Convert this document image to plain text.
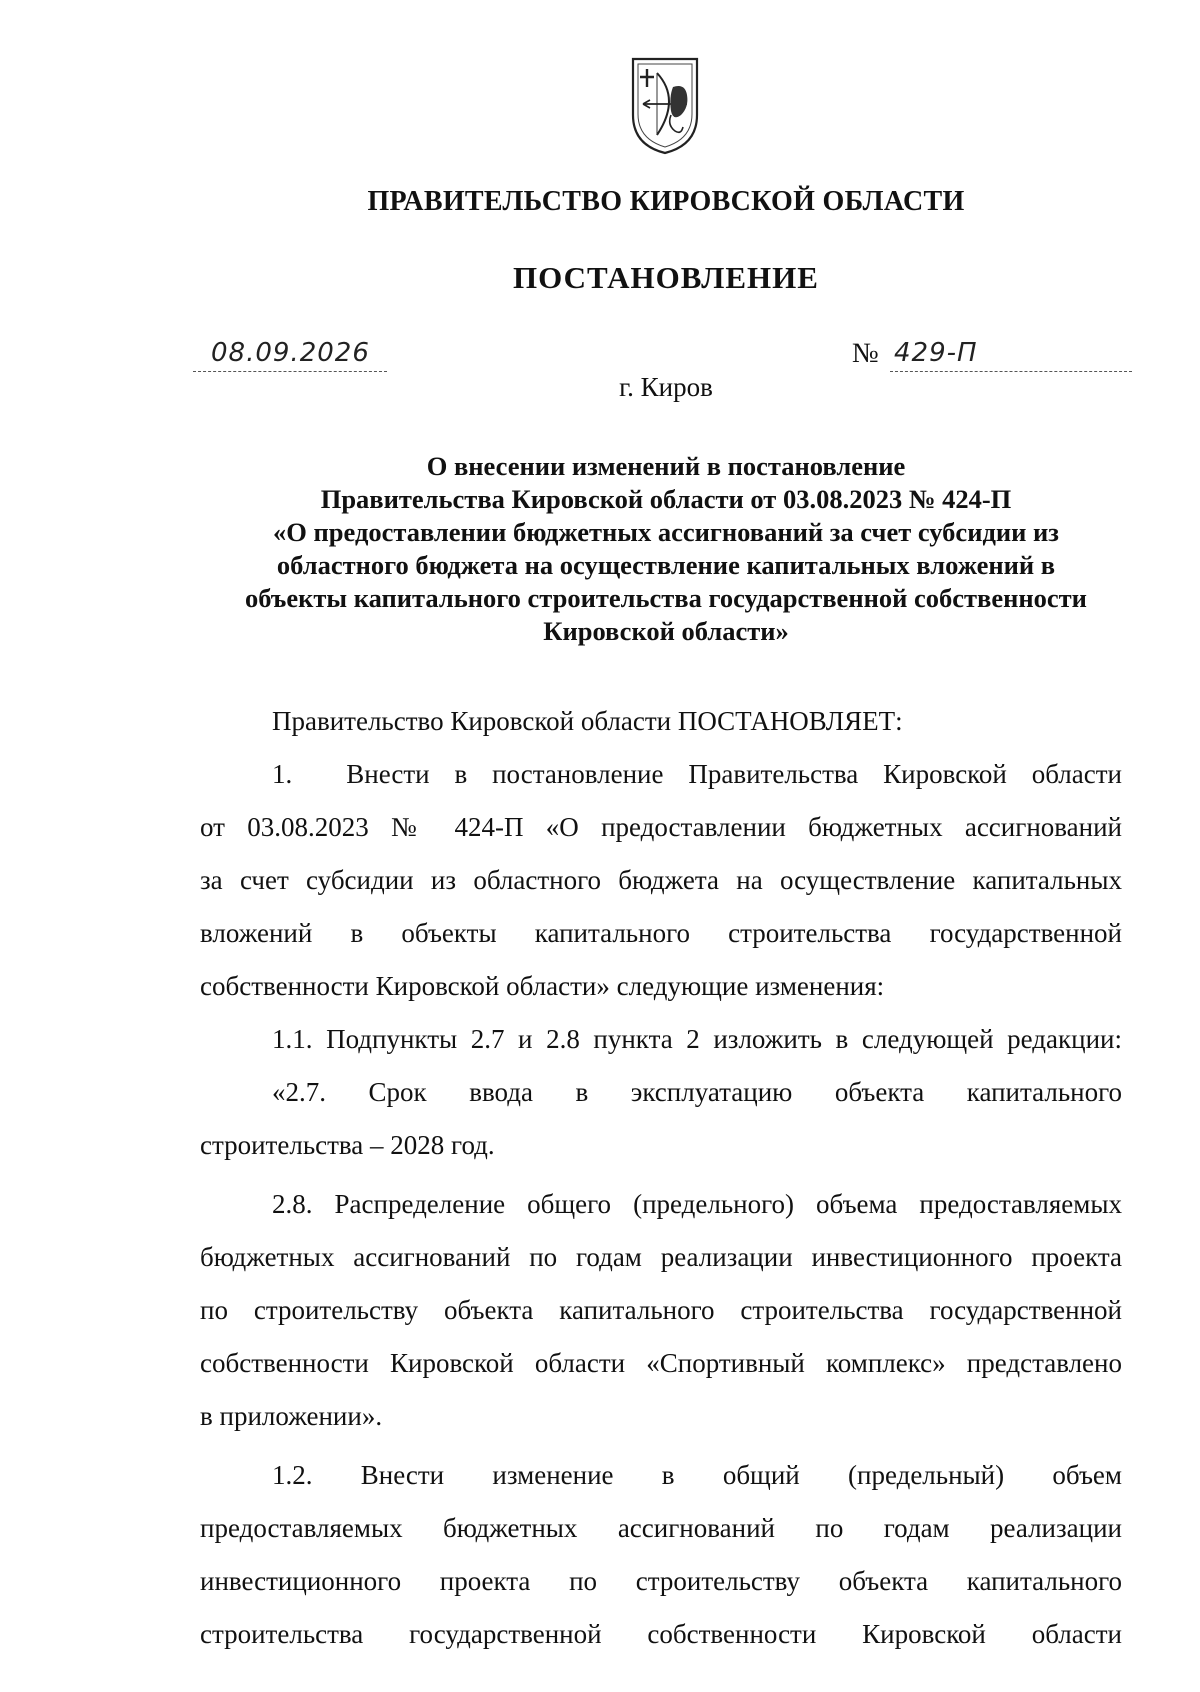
ПРАВИТЕЛЬСТВО КИРОВСКОЙ ОБЛАСТИ
ПОСТАНОВЛЕНИЕ
08.09.2026	№ 429-П
г. Киров
О внесении изменений в постановление
Правительства Кировской области от 03.08.2023 № 424-П
«О предоставлении бюджетных ассигнований за счет субсидии из
областного бюджета на осуществление капитальных вложений в
объекты капитального строительства государственной собственности
Кировской области»
Правительство Кировской области ПОСТАНОВЛЯЕТ:
1.  Внести в постановление Правительства Кировской области
от 03.08.2023 № 424-П «О предоставлении бюджетных ассигнований
за счет субсидии из областного бюджета на осуществление капитальных
вложений в объекты капитального строительства государственной
собственности Кировской области» следующие изменения:
1.1. Подпункты 2.7 и 2.8 пункта 2 изложить в следующей редакции:
«2.7. Срок ввода в эксплуатацию объекта капитального
строительства – 2028 год.
2.8. Распределение общего (предельного) объема предоставляемых
бюджетных ассигнований по годам реализации инвестиционного проекта
по строительству объекта капитального строительства государственной
собственности Кировской области «Спортивный комплекс» представлено
в приложении».
1.2. Внести изменение в общий (предельный) объем
предоставляемых бюджетных ассигнований по годам реализации
инвестиционного проекта по строительству объекта капитального
строительства государственной собственности Кировской области
